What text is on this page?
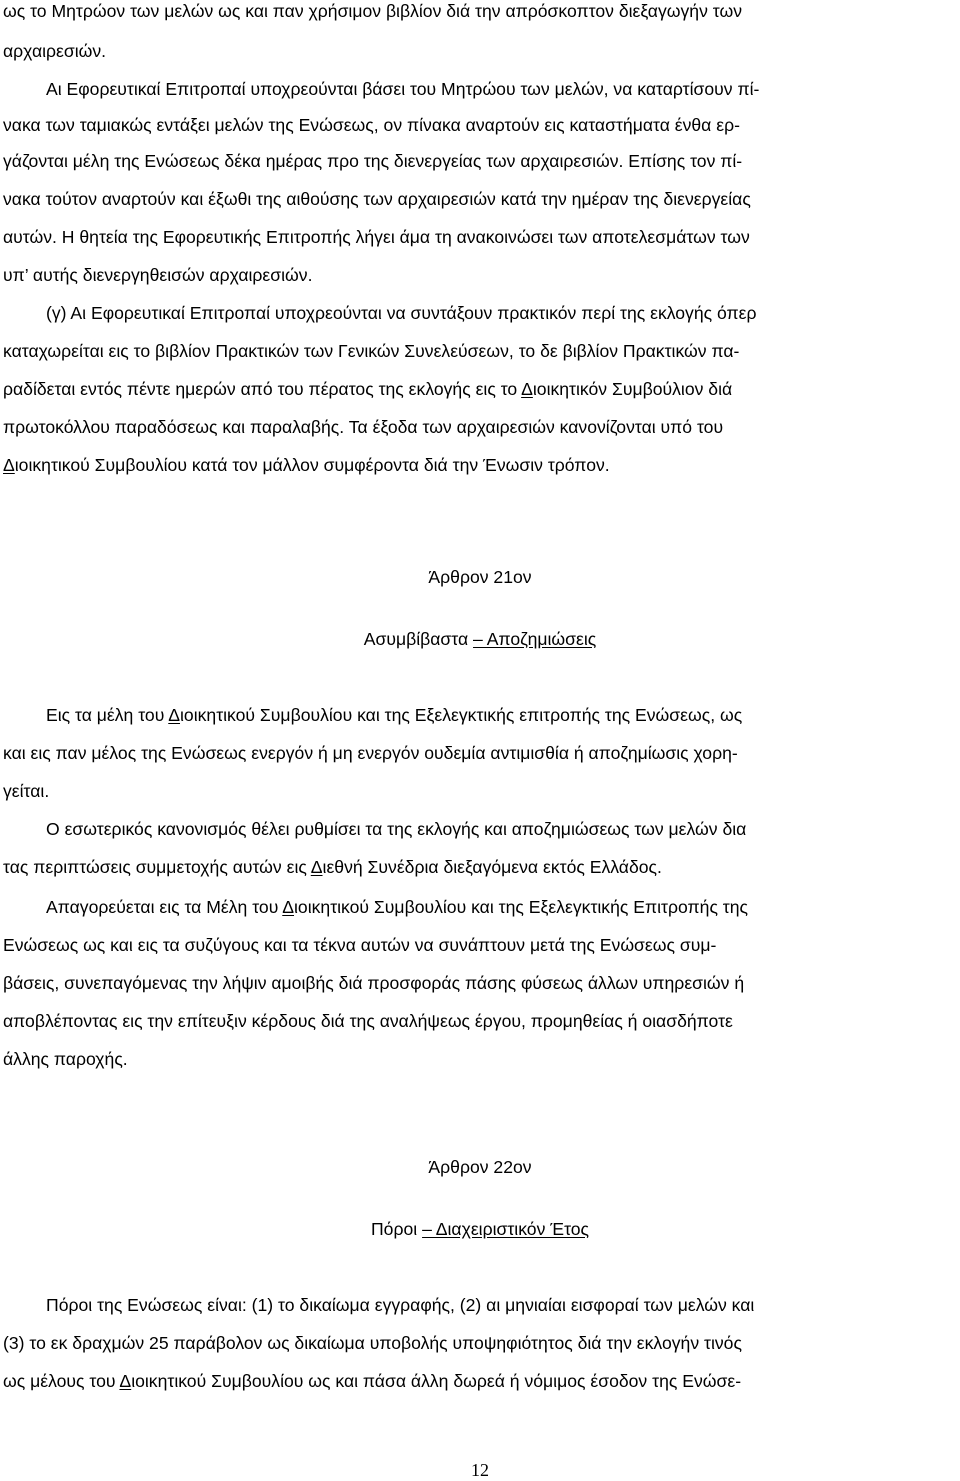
ως το Μητρώον των μελών ως και παν χρήσιμον βιβλίον διά την απρόσκοπτον διεξαγωγήν των
αρχαιρεσιών.
Αι Εφορευτικαί Επιτροπαί υποχρεούνται βάσει του Μητρώου των μελών, να καταρτίσουν πί-
νακα των ταμιακώς εντάξει μελών της Ενώσεως, ον πίνακα αναρτούν εις καταστήματα ένθα ερ-
γάζονται μέλη της Ενώσεως δέκα ημέρας προ της διενεργείας των αρχαιρεσιών. Επίσης τον πί-
νακα τούτον αναρτούν και έξωθι της αιθούσης των αρχαιρεσιών κατά την ημέραν της διενεργείας
αυτών. Η θητεία της Εφορευτικής Επιτροπής λήγει άμα τη ανακοινώσει των αποτελεσμάτων των
υπ’ αυτής διενεργηθεισών αρχαιρεσιών.
(γ) Αι Εφορευτικαί Επιτροπαί υποχρεούνται να συντάξουν πρακτικόν περί της εκλογής όπερ
καταχωρείται εις το βιβλίον Πρακτικών των Γενικών Συνελεύσεων, το δε βιβλίον Πρακτικών πα-
ραδίδεται εντός πέντε ημερών από του πέρατος της εκλογής εις το Διοικητικόν Συμβούλιον διά
πρωτοκόλλου παραδόσεως και παραλαβής. Τα έξοδα των αρχαιρεσιών κανονίζονται υπό του
Διοικητικού Συμβουλίου κατά τον μάλλον συμφέροντα διά την Ένωσιν τρόπον.
Άρθρον 21ον
Ασυμβίβαστα – Αποζημιώσεις
Εις τα μέλη του Διοικητικού Συμβουλίου και της Εξελεγκτικής επιτροπής της Ενώσεως, ως
και εις παν μέλος της Ενώσεως ενεργόν ή μη ενεργόν ουδεμία αντιμισθία ή αποζημίωσις χορη-
γείται.
Ο εσωτερικός κανονισμός θέλει ρυθμίσει τα της εκλογής και αποζημιώσεως των μελών δια
τας περιπτώσεις συμμετοχής αυτών εις Διεθνή Συνέδρια διεξαγόμενα εκτός Ελλάδος.
Απαγορεύεται εις τα Μέλη του Διοικητικού Συμβουλίου και της Εξελεγκτικής Επιτροπής της
Ενώσεως ως και εις τα συζύγους και τα τέκνα αυτών να συνάπτουν μετά της Ενώσεως συμ-
βάσεις, συνεπαγόμενας την λήψιν αμοιβής διά προσφοράς πάσης φύσεως άλλων υπηρεσιών ή
αποβλέποντας εις την επίτευξιν κέρδους διά της αναλήψεως έργου, προμηθείας ή οιασδήποτε
άλλης παροχής.
Άρθρον 22ον
Πόροι – Διαχειριστικόν Έτος
Πόροι της Ενώσεως είναι: (1) το δικαίωμα εγγραφής, (2) αι μηνιαίαι εισφοραί των μελών και
(3) το εκ δραχμών 25 παράβολον ως δικαίωμα υποβολής υποψηφιότητος διά την εκλογήν τινός
ως μέλους του Διοικητικού Συμβουλίου ως και πάσα άλλη δωρεά ή νόμιμος έσοδον της Ενώσε-
12
